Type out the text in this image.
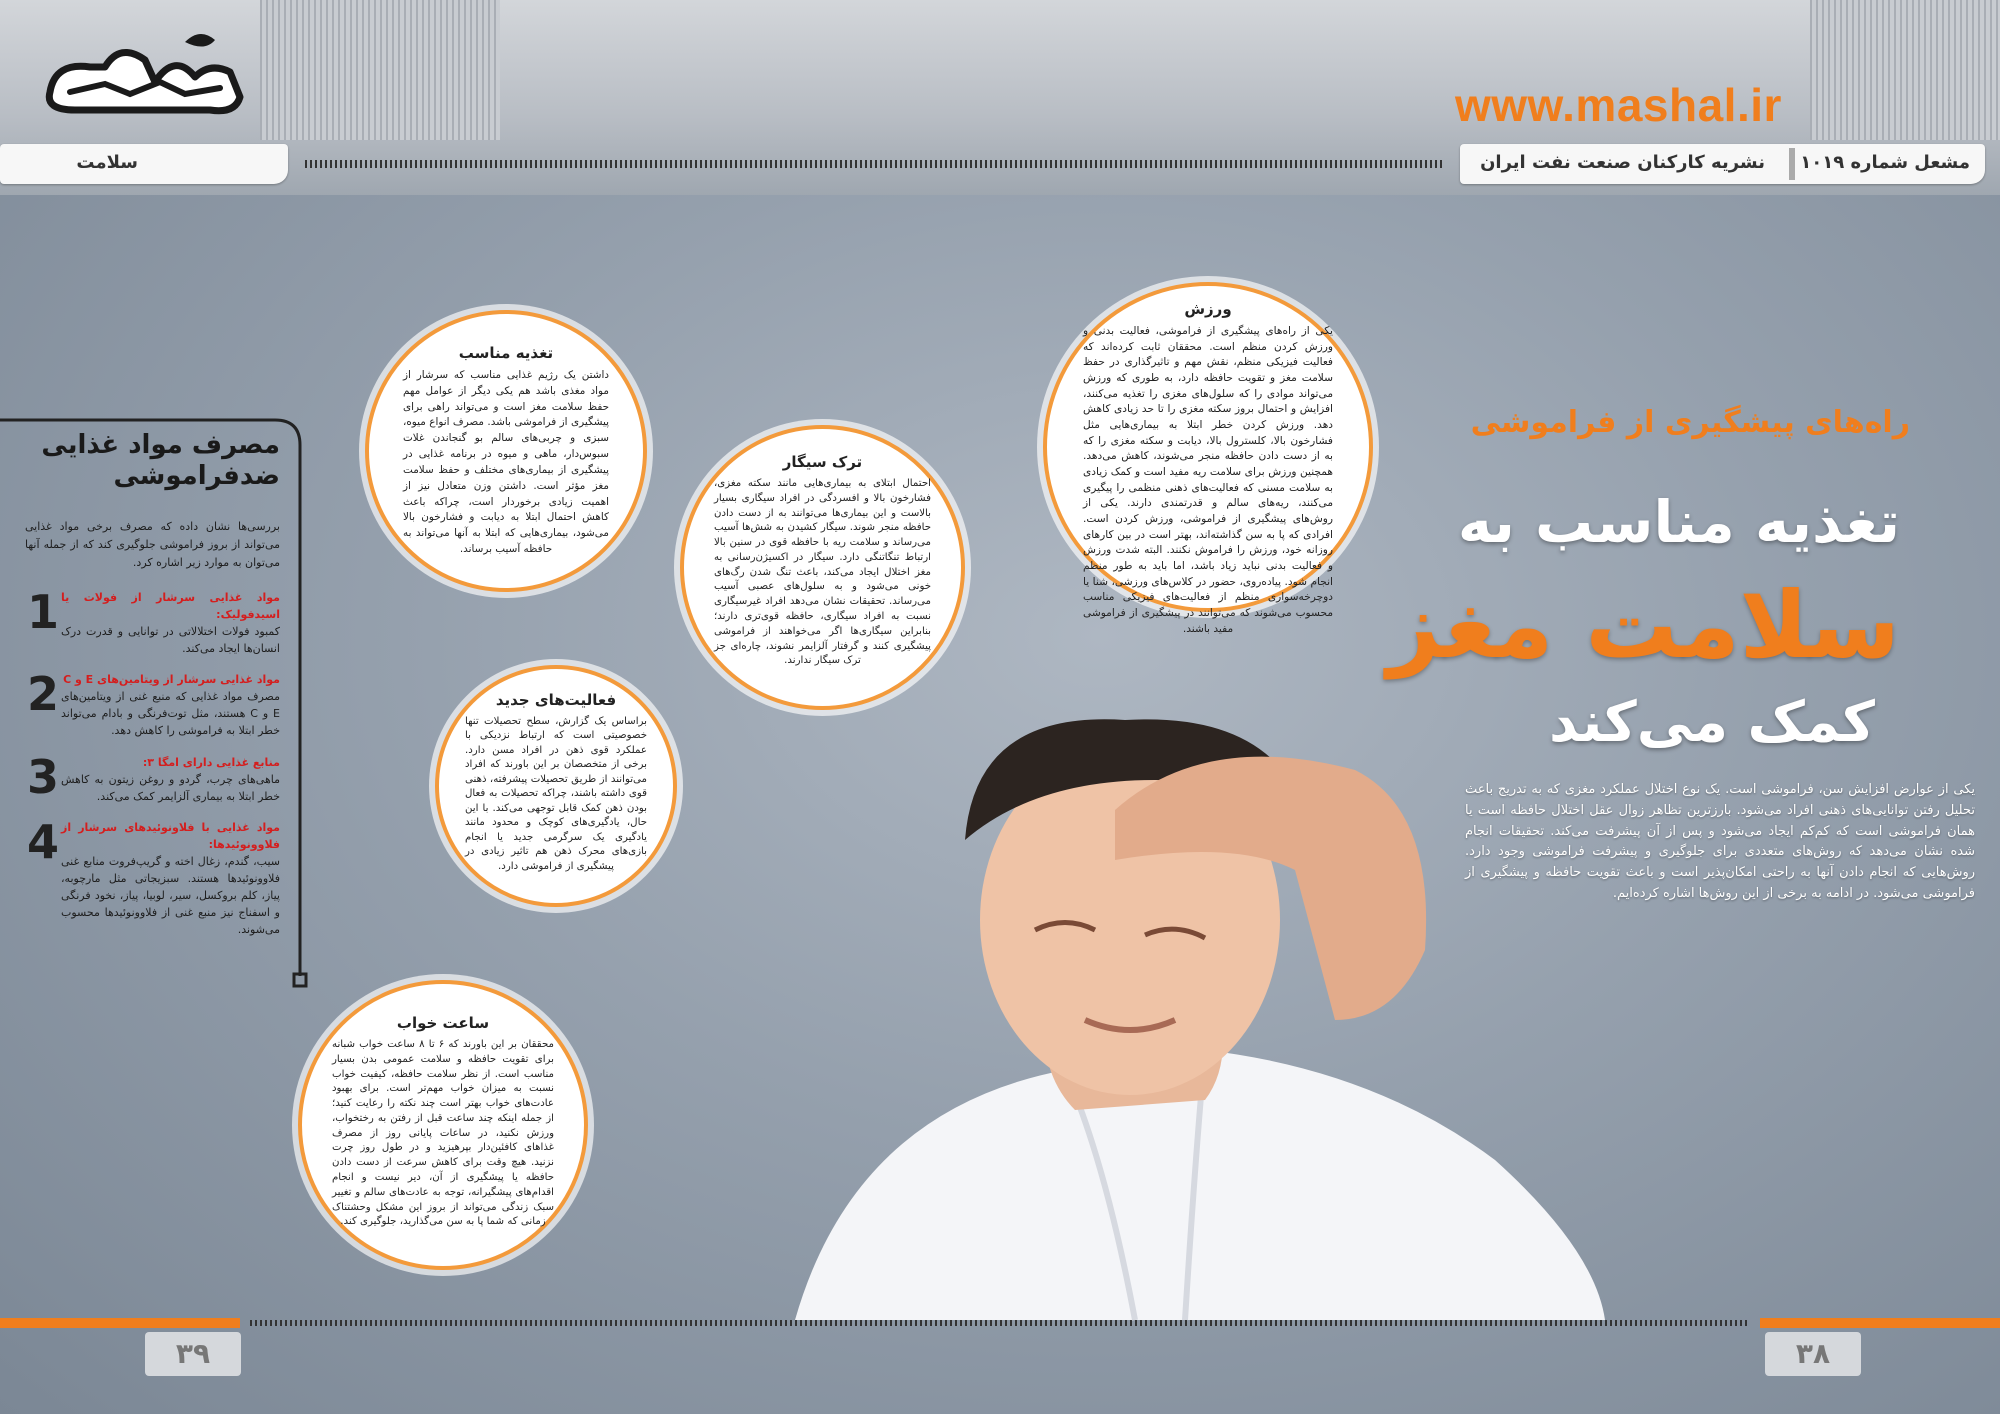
www.mashal.ir
سلامت	مشعل شماره ۱۰۱۹
نشریه کارکنان صنعت نفت ایران
راه‌های پیشگیری از فراموشی
تغذیه مناسب به
سلامت مغز
کمک می‌کند
یکی از عوارض افزایش سن، فراموشی است. یک نوع اختلال عملکرد مغزی که به تدریج باعث تحلیل رفتن توانایی‌های ذهنی افراد می‌شود. بارزترین تظاهر زوال عقل اختلال حافظه است یا همان فراموشی است که کم‌کم ایجاد می‌شود و پس از آن پیشرفت می‌کند. تحقیقات انجام شده نشان می‌دهد که روش‌های متعددی برای جلوگیری و پیشرفت فراموشی وجود دارد. روش‌هایی که انجام دادن آنها به راحتی امکان‌پذیر است و باعث تقویت حافظه و پیشگیری از فراموشی می‌شود. در ادامه به برخی از این روش‌ها اشاره کرده‌ایم.
ورزش

یکی از راه‌های پیشگیری از فراموشی، فعالیت بدنی و ورزش کردن منظم است. محققان ثابت کرده‌اند که فعالیت فیزیکی منظم، نقش مهم و تاثیرگذاری در حفظ سلامت مغز و تقویت حافظه دارد، به طوری که ورزش می‌تواند موادی را که سلول‌های مغزی را تغذیه می‌کنند، افزایش و احتمال بروز سکته مغزی را تا حد زیادی کاهش دهد. ورزش کردن خطر ابتلا به بیماری‌هایی مثل فشارخون بالا، کلسترول بالا، دیابت و سکته مغزی را که به از دست دادن حافظه منجر می‌شوند، کاهش می‌دهد. همچنین ورزش برای سلامت ریه مفید است و کمک زیادی به سلامت مسنی که فعالیت‌های ذهنی منظمی را پیگیری می‌کنند، ریه‌های سالم و قدرتمندی دارند. یکی از روش‌های پیشگیری از فراموشی، ورزش کردن است. افرادی که پا به سن گذاشته‌اند، بهتر است در بین کارهای روزانه خود، ورزش را فراموش نکنند. البته شدت ورزش و فعالیت بدنی نباید زیاد باشد، اما باید به طور منظم انجام شود. پیاده‌روی، حضور در کلاس‌های ورزشی، شنا یا دوچرخه‌سواری منظم از فعالیت‌های فیزیکی مناسب محسوب می‌شوند که می‌توانند در پیشگیری از فراموشی مفید باشند.

تغذیه مناسب

داشتن یک رژیم غذایی مناسب که سرشار از مواد مغذی باشد هم یکی دیگر از عوامل مهم حفظ سلامت مغز است و می‌تواند راهی برای پیشگیری از فراموشی باشد. مصرف انواع میوه، سبزی و چربی‌های سالم بو گنجاندن غلات سبوس‌دار، ماهی و میوه در برنامه غذایی در پیشگیری از بیماری‌های مختلف و حفظ سلامت مغز مؤثر است. داشتن وزن متعادل نیز از اهمیت زیادی برخوردار است، چراکه باعث کاهش احتمال ابتلا به دیابت و فشارخون بالا می‌شود، بیماری‌هایی که ابتلا به آنها می‌تواند به حافظه آسیب برساند.

ترک سیگار

احتمال ابتلای به بیماری‌هایی مانند سکته مغزی، فشارخون بالا و افسردگی در افراد سیگاری بسیار بالاست و این بیماری‌ها می‌توانند به از دست دادن حافظه منجر شوند. سیگار کشیدن به شش‌ها آسیب می‌رساند و سلامت ریه با حافظه قوی در سنین بالا ارتباط تنگاتنگی دارد. سیگار در اکسیژن‌رسانی به مغز اختلال ایجاد می‌کند، باعث تنگ شدن رگ‌های خونی می‌شود و به سلول‌های عصبی آسیب می‌رساند. تحقیقات نشان می‌دهد افراد غیرسیگاری نسبت به افراد سیگاری، حافظه قوی‌تری دارند؛ بنابراین سیگاری‌ها اگر می‌خواهند از فراموشی پیشگیری کنند و گرفتار آلزایمر نشوند، چاره‌ای جز ترک سیگار ندارند.

فعالیت‌های جدید

براساس یک گزارش، سطح تحصیلات تنها خصوصیتی است که ارتباط نزدیکی با عملکرد قوی ذهن در افراد مسن دارد. برخی از متخصصان بر این باورند که افراد می‌توانند از طریق تحصیلات پیشرفته، ذهنی قوی داشته باشند، چراکه تحصیلات به فعال بودن ذهن کمک قابل توجهی می‌کند. با این حال، یادگیری‌های کوچک و محدود مانند یادگیری یک سرگرمی جدید یا انجام بازی‌های محرک ذهن هم تاثیر زیادی در پیشگیری از فراموشی دارد.

ساعت خواب

محققان بر این باورند که ۶ تا ۸ ساعت خواب شبانه برای تقویت حافظه و سلامت عمومی بدن بسیار مناسب است. از نظر سلامت حافظه، کیفیت خواب نسبت به میزان خواب مهم‌تر است. برای بهبود عادت‌های خواب بهتر است چند نکته را رعایت کنید؛ از جمله اینکه چند ساعت قبل از رفتن به رختخواب، ورزش نکنید، در ساعات پایانی روز از مصرف غذاهای کافئین‌دار بپرهیزید و در طول روز چرت نزنید. هیچ وقت برای کاهش سرعت از دست دادن حافظه یا پیشگیری از آن، دیر نیست و انجام اقدام‌های پیشگیرانه، توجه به عادت‌های سالم و تغییر سبک زندگی می‌تواند از بروز این مشکل وحشتناک زمانی که شما پا به سن می‌گذارید، جلوگیری کند.

مصرف مواد غذایی
ضدفراموشی
بررسی‌ها نشان داده که مصرف برخی مواد غذایی می‌تواند از بروز فراموشی جلوگیری کند که از جمله آنها می‌توان به موارد زیر اشاره کرد.
مواد غذایی سرشار از فولات یا اسیدفولیک:
کمبود فولات اختلالاتی در توانایی و قدرت درک انسان‌ها ایجاد می‌کند.
1
مواد غذایی سرشار از ویتامین‌های E و C
مصرف مواد غذایی که منبع غنی از ویتامین‌های E و C هستند، مثل توت‌فرنگی و بادام می‌تواند خطر ابتلا به فراموشی را کاهش دهد.
2
منابع غذایی دارای امگا ۳:
ماهی‌های چرب، گردو و روغن زیتون به کاهش خطر ابتلا به بیماری آلزایمر کمک می‌کند.
3
مواد غذایی با فلاونوئیدهای سرشار از فلاوونوئیدها:
سیب، گندم، زغال اخته و گریپ‌فروت منابع غنی فلاوونوئیدها هستند. سبزیجاتی مثل مارچوبه، پیاز، کلم بروکسل، سیر، لوبیا، پیاز، نخود فرنگی و اسفناج نیز منبع غنی از فلاوونوئیدها محسوب می‌شوند.
4
۳۹	۳۸
